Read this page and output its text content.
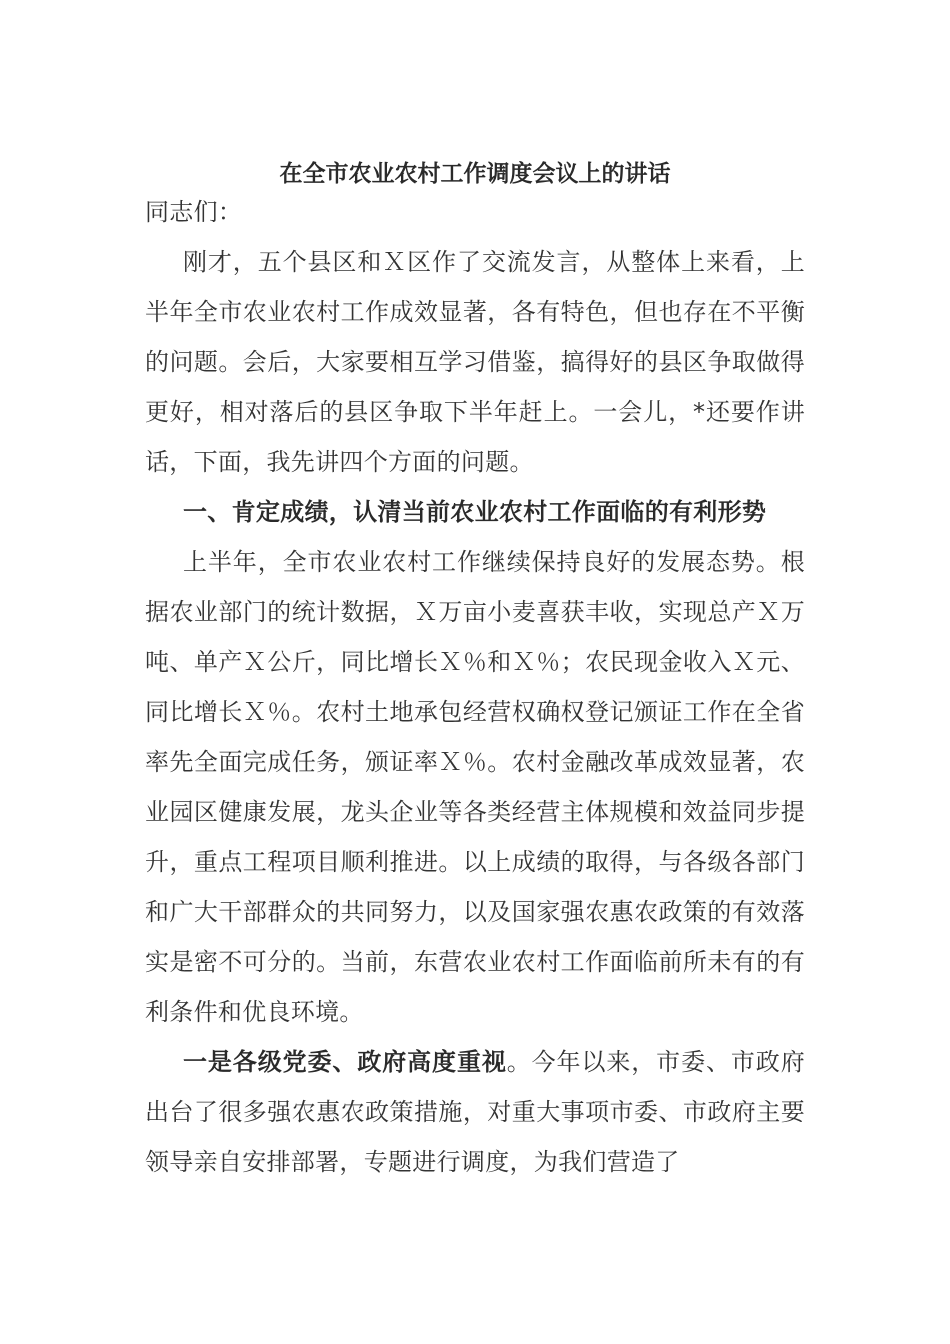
在全市农业农村工作调度会议上的讲话

同志们：

刚才，五个县区和Ｘ区作了交流发言，从整体上来看，上半年全市农业农村工作成效显著，各有特色，但也存在不平衡的问题。会后，大家要相互学习借鉴，搞得好的县区争取做得更好，相对落后的县区争取下半年赶上。一会儿，*还要作讲话，下面，我先讲四个方面的问题。

一、肯定成绩，认清当前农业农村工作面临的有利形势

上半年，全市农业农村工作继续保持良好的发展态势。根据农业部门的统计数据，Ｘ万亩小麦喜获丰收，实现总产Ｘ万吨、单产Ｘ公斤，同比增长Ｘ％和Ｘ％；农民现金收入Ｘ元、同比增长Ｘ％。农村土地承包经营权确权登记颁证工作在全省率先全面完成任务，颁证率Ｘ％。农村金融改革成效显著，农业园区健康发展，龙头企业等各类经营主体规模和效益同步提升，重点工程项目顺利推进。以上成绩的取得，与各级各部门和广大干部群众的共同努力，以及国家强农惠农政策的有效落实是密不可分的。当前，东营农业农村工作面临前所未有的有利条件和优良环境。

一是各级党委、政府高度重视。今年以来，市委、市政府出台了很多强农惠农政策措施，对重大事项市委、市政府主要领导亲自安排部署，专题进行调度，为我们营造了
